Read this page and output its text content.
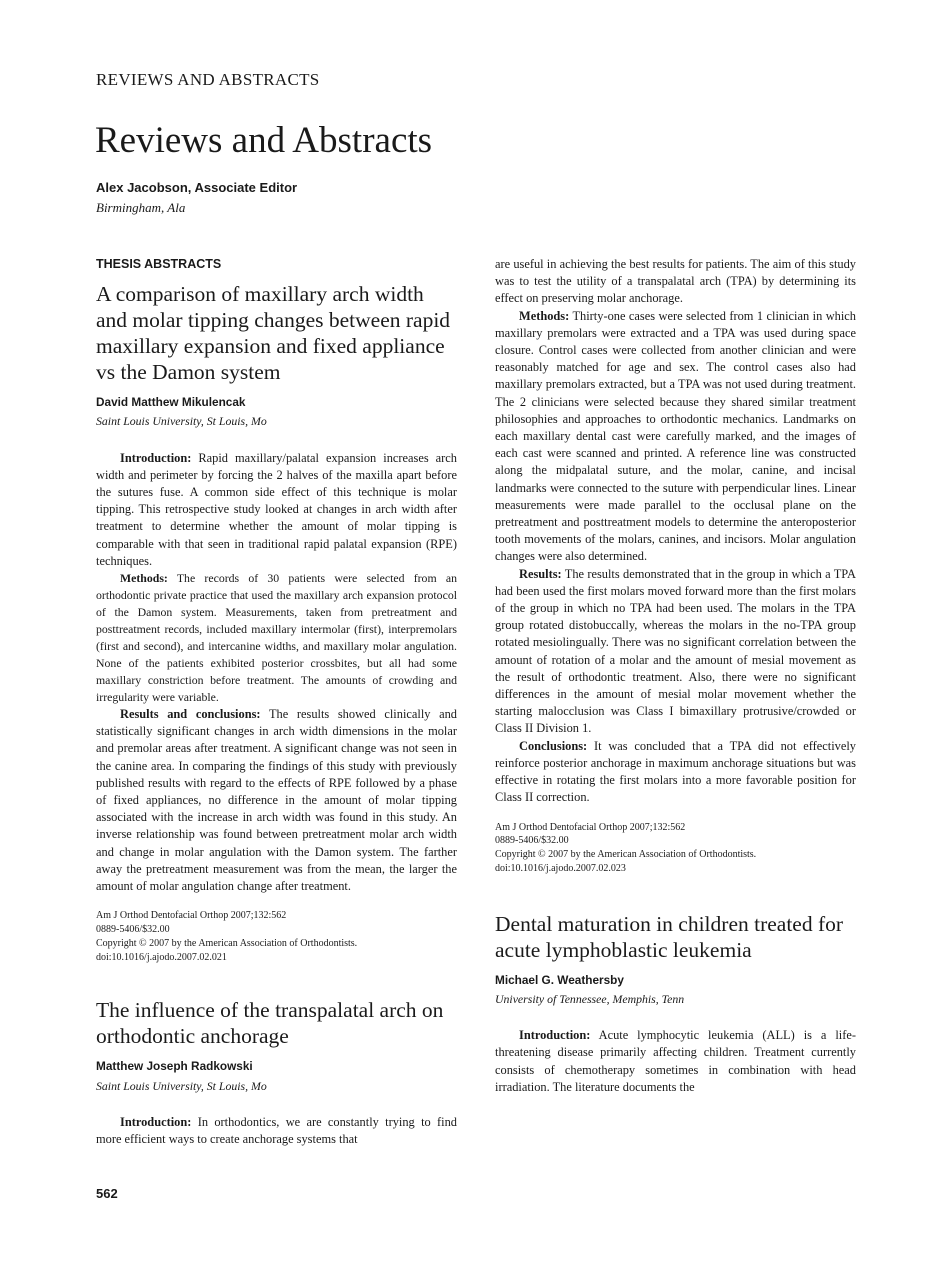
REVIEWS AND ABSTRACTS
Reviews and Abstracts
Alex Jacobson, Associate Editor
Birmingham, Ala
THESIS ABSTRACTS
A comparison of maxillary arch width and molar tipping changes between rapid maxillary expansion and fixed appliance vs the Damon system
David Matthew Mikulencak
Saint Louis University, St Louis, Mo

Introduction: Rapid maxillary/palatal expansion increases arch width and perimeter by forcing the 2 halves of the maxilla apart before the sutures fuse. A common side effect of this technique is molar tipping. This retrospective study looked at changes in arch width after treatment to determine whether the amount of molar tipping is comparable with that seen in traditional rapid palatal expansion (RPE) techniques.

Methods: The records of 30 patients were selected from an orthodontic private practice that used the maxillary arch expansion protocol of the Damon system. Measurements, taken from pretreatment and posttreatment records, included maxillary intermolar (first), interpremolars (first and second), and intercanine widths, and maxillary molar angulation. None of the patients exhibited posterior crossbites, but all had some maxillary constriction before treatment. The amounts of crowding and irregularity were variable.

Results and conclusions: The results showed clinically and statistically significant changes in arch width dimensions in the molar and premolar areas after treatment. A significant change was not seen in the canine area. In comparing the findings of this study with previously published results with regard to the effects of RPE followed by a phase of fixed appliances, no difference in the amount of molar tipping associated with the increase in arch width was found in this study. An inverse relationship was found between pretreatment molar arch width and change in molar angulation with the Damon system. The farther away the pretreatment measurement was from the mean, the larger the amount of molar angulation change after treatment.

Am J Orthod Dentofacial Orthop 2007;132:562
0889-5406/$32.00
Copyright © 2007 by the American Association of Orthodontists.
doi:10.1016/j.ajodo.2007.02.021
The influence of the transpalatal arch on orthodontic anchorage
Matthew Joseph Radkowski
Saint Louis University, St Louis, Mo

Introduction: In orthodontics, we are constantly trying to find more efficient ways to create anchorage systems that

are useful in achieving the best results for patients. The aim of this study was to test the utility of a transpalatal arch (TPA) by determining its effect on preserving molar anchorage.

Methods: Thirty-one cases were selected from 1 clinician in which maxillary premolars were extracted and a TPA was used during space closure. Control cases were collected from another clinician and were reasonably matched for age and sex. The control cases also had maxillary premolars extracted, but a TPA was not used during treatment. The 2 clinicians were selected because they shared similar treatment philosophies and approaches to orthodontic mechanics. Landmarks on each maxillary dental cast were carefully marked, and the images of each cast were scanned and printed. A reference line was constructed along the midpalatal suture, and the molar, canine, and incisal landmarks were connected to the suture with perpendicular lines. Linear measurements were made parallel to the occlusal plane on the pretreatment and posttreatment models to determine the anteroposterior tooth movements of the molars, canines, and incisors. Molar angulation changes were also determined.

Results: The results demonstrated that in the group in which a TPA had been used the first molars moved forward more than the first molars of the group in which no TPA had been used. The molars in the TPA group rotated distobuccally, whereas the molars in the no-TPA group rotated mesiolingually. There was no significant correlation between the amount of rotation of a molar and the amount of mesial movement as the result of orthodontic treatment. Also, there were no significant differences in the amount of mesial molar movement whether the starting malocclusion was Class I bimaxillary protrusive/crowded or Class II Division 1.

Conclusions: It was concluded that a TPA did not effectively reinforce posterior anchorage in maximum anchorage situations but was effective in rotating the first molars into a more favorable position for Class II correction.

Am J Orthod Dentofacial Orthop 2007;132:562
0889-5406/$32.00
Copyright © 2007 by the American Association of Orthodontists.
doi:10.1016/j.ajodo.2007.02.023
Dental maturation in children treated for acute lymphoblastic leukemia
Michael G. Weathersby
University of Tennessee, Memphis, Tenn

Introduction: Acute lymphocytic leukemia (ALL) is a life-threatening disease primarily affecting children. Treatment currently consists of chemotherapy sometimes in combination with head irradiation. The literature documents the

562
